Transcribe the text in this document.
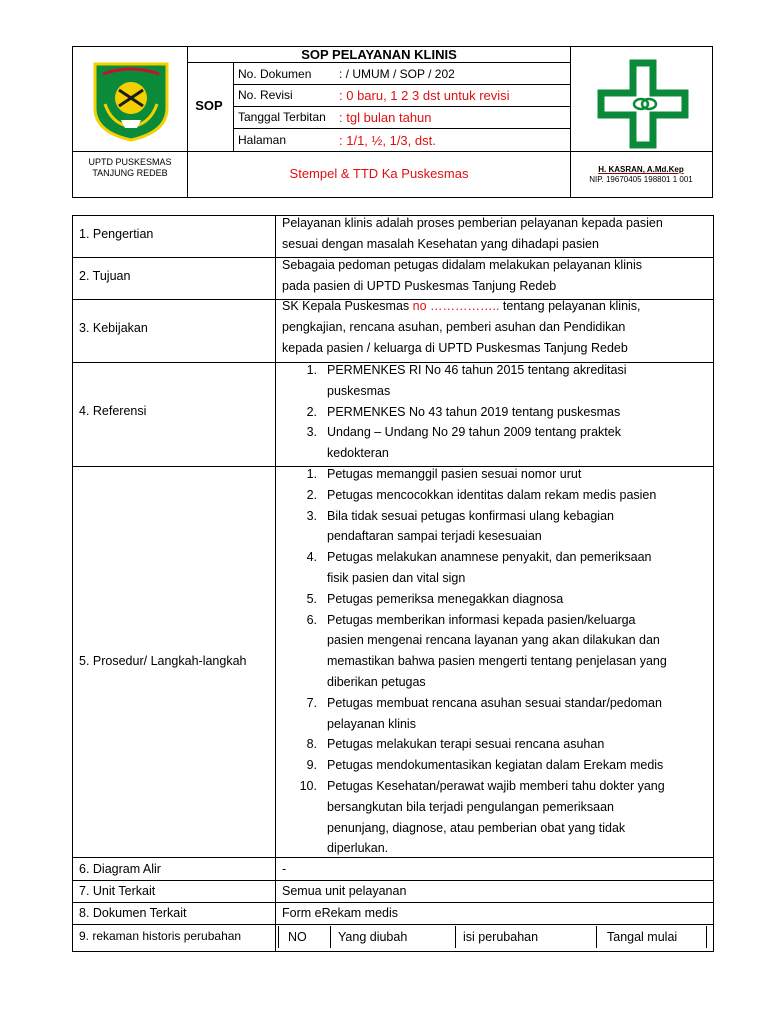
SOP PELAYANAN KLINIS
SOP
No. Dokumen : / UMUM / SOP / 202
No. Revisi	: 0 baru, 1 2 3 dst untuk revisi
Tanggal Terbitan : tgl bulan tahun
Halaman	: 1/1, ½, 1/3, dst.
UPTD PUSKESMAS
TANJUNG REDEB	Stempel & TTD Ka Puskesmas	H. KASRAN, A.Md.Kep
NIP. 19670405 198801 1 001
1. Pengertian
Pelayanan klinis adalah proses pemberian pelayanan kepada pasien
sesuai dengan masalah Kesehatan yang dihadapi pasien
2. Tujuan
Sebagaia pedoman petugas didalam melakukan pelayanan klinis
pada pasien di UPTD Puskesmas Tanjung Redeb
3. Kebijakan
SK Kepala Puskesmas no …………….. tentang pelayanan klinis,
pengkajian, rencana asuhan, pemberi asuhan dan Pendidikan
kepada pasien / keluarga di UPTD Puskesmas Tanjung Redeb
4. Referensi
1. PERMENKES RI No 46 tahun 2015 tentang akreditasi
puskesmas
2. PERMENKES No 43 tahun 2019 tentang puskesmas
3. Undang – Undang No 29 tahun 2009 tentang praktek
kedokteran
5. Prosedur/ Langkah-langkah
1. Petugas memanggil pasien sesuai nomor urut
2. Petugas mencocokkan identitas dalam rekam medis pasien
3. Bila tidak sesuai petugas konfirmasi ulang kebagian
pendaftaran sampai terjadi kesesuaian
4. Petugas melakukan anamnese penyakit, dan pemeriksaan
fisik pasien dan vital sign
5. Petugas pemeriksa menegakkan diagnosa
6. Petugas memberikan informasi kepada pasien/keluarga
pasien mengenai rencana layanan yang akan dilakukan dan
memastikan bahwa pasien mengerti tentang penjelasan yang
diberikan petugas
7. Petugas membuat rencana asuhan sesuai standar/pedoman
pelayanan klinis
8. Petugas melakukan terapi sesuai rencana asuhan
9. Petugas mendokumentasikan kegiatan dalam Erekam medis
10. Petugas Kesehatan/perawat wajib memberi tahu dokter yang
bersangkutan bila terjadi pengulangan pemeriksaan
penunjang, diagnose, atau pemberian obat yang tidak
diperlukan.
6. Diagram Alir	-
7. Unit Terkait	Semua unit pelayanan
8. Dokumen Terkait	Form eRekam medis
9. rekaman historis perubahan	NO	Yang diubah	isi perubahan	Tangal mulai
